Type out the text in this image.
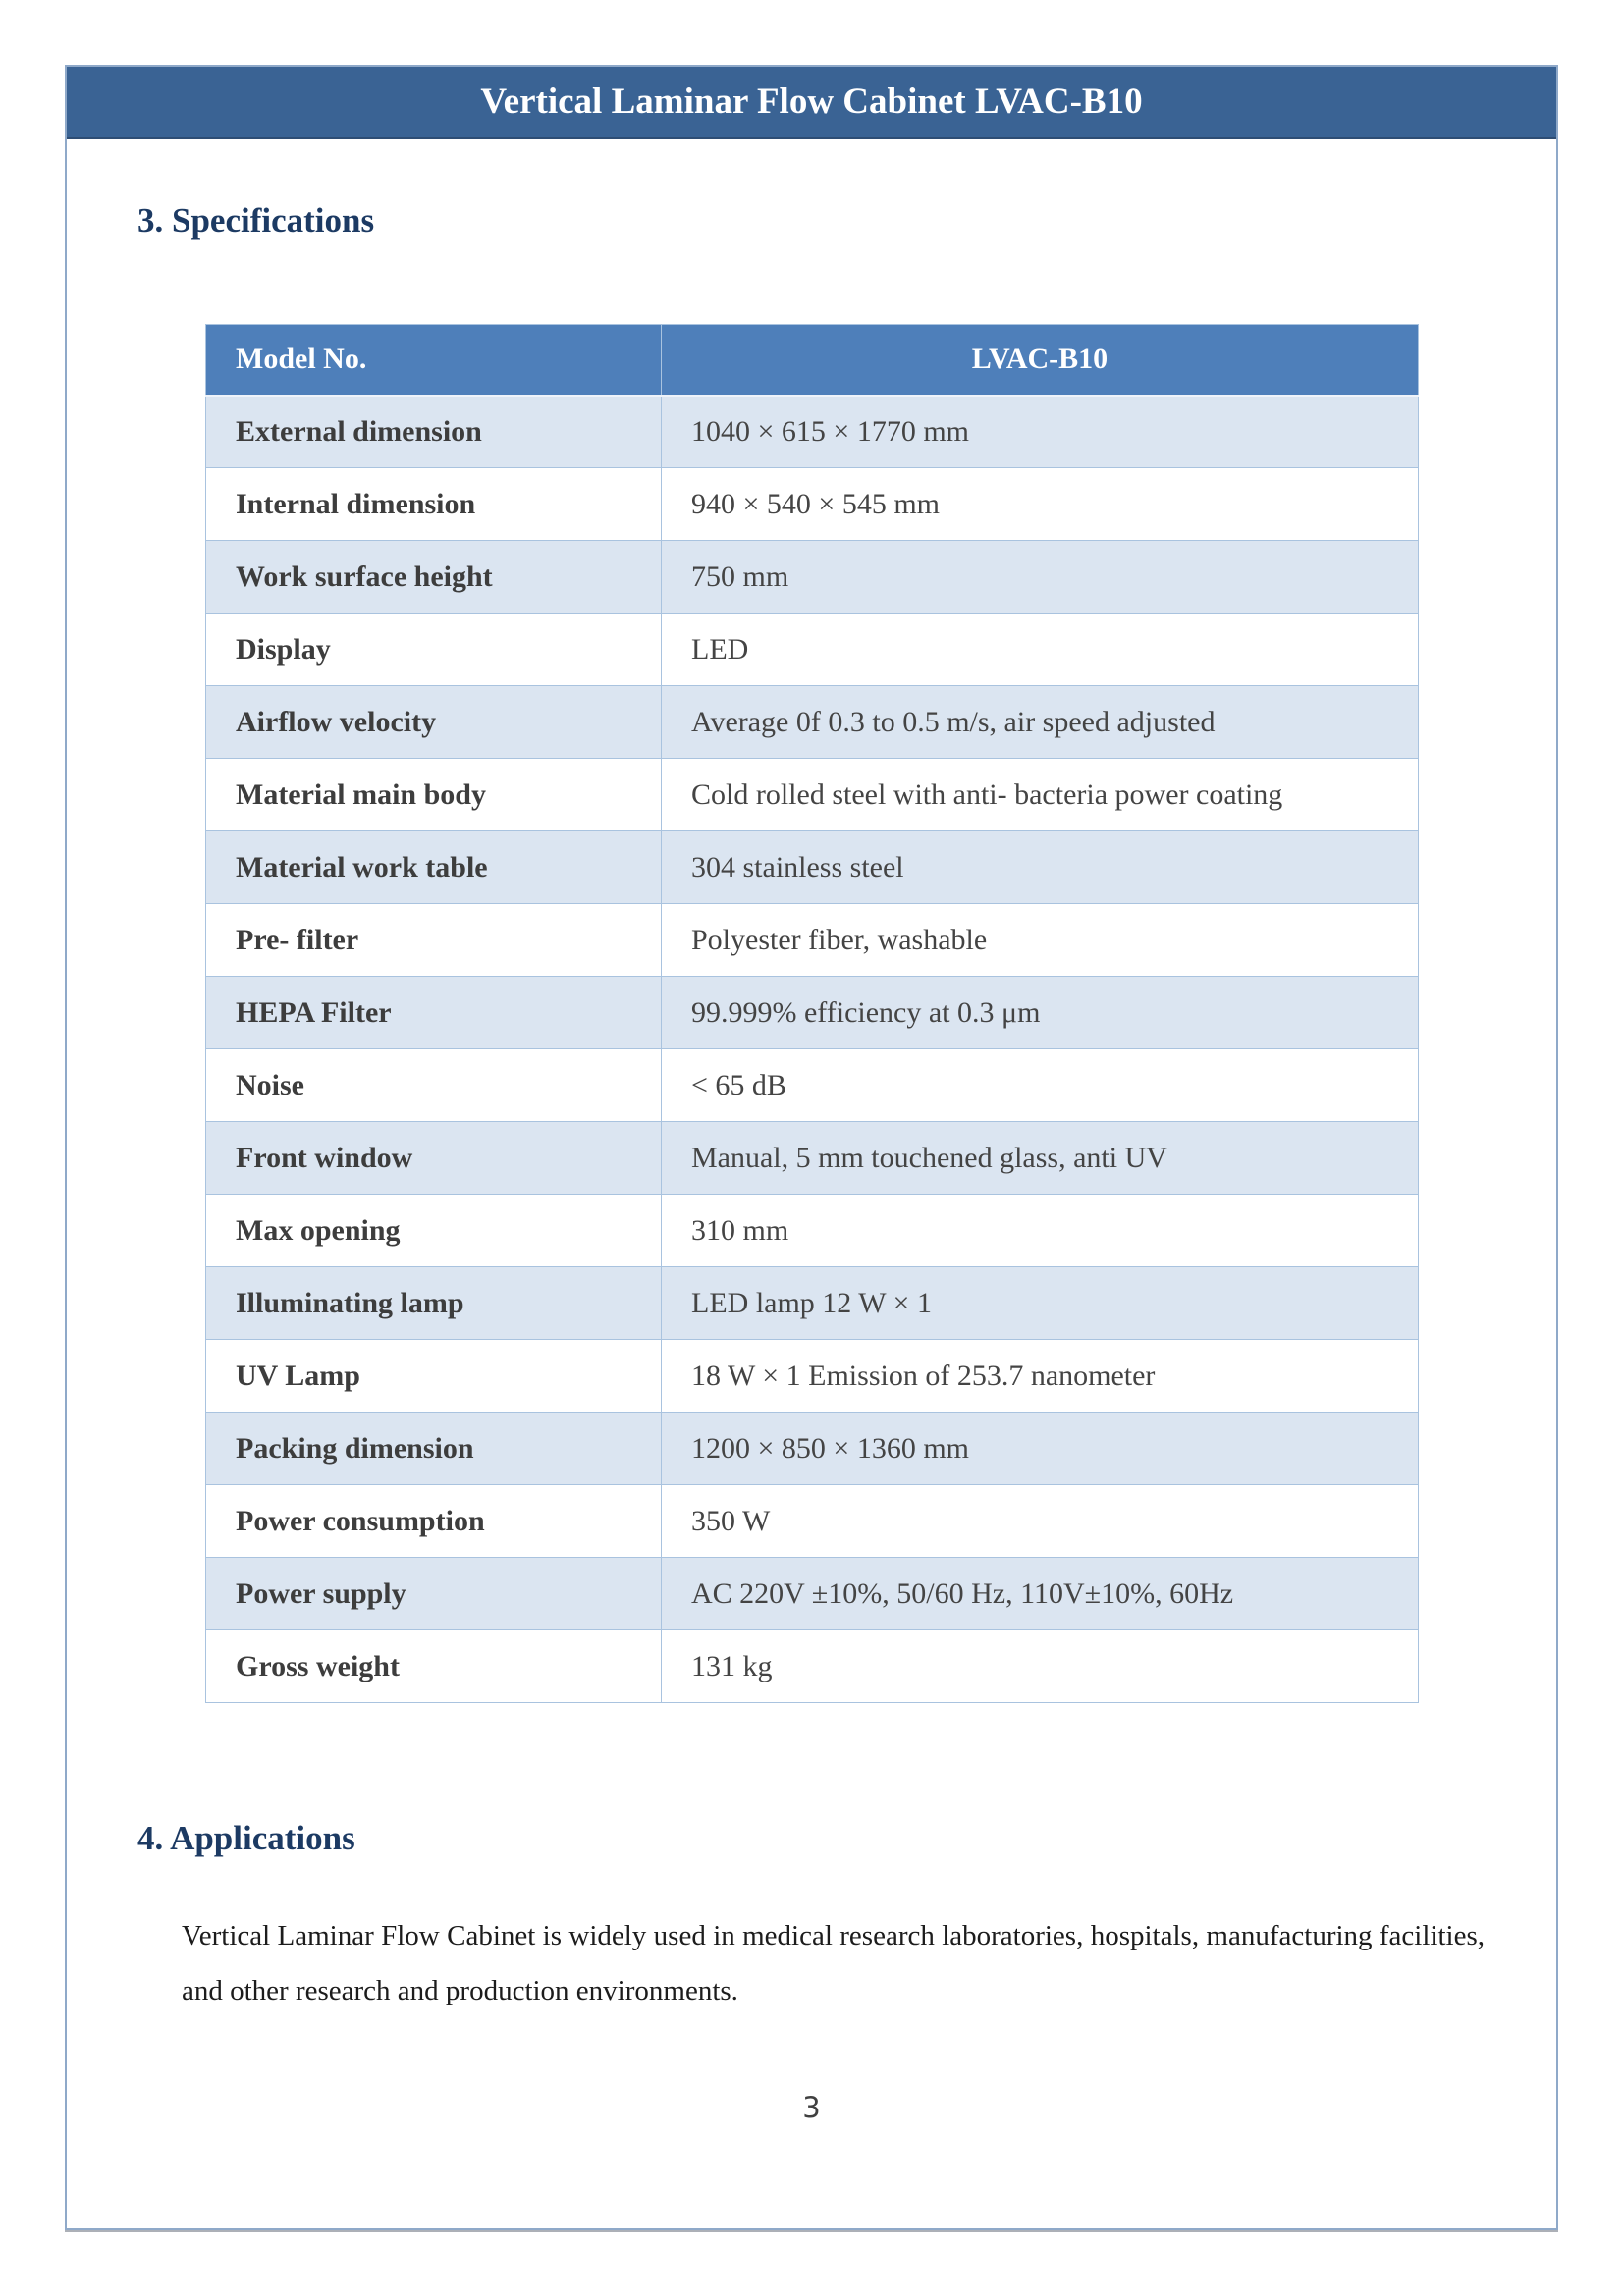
Vertical Laminar Flow Cabinet LVAC-B10
3. Specifications
Model No.	LVAC-B10
External dimension	1040 × 615 × 1770 mm
Internal dimension	940 × 540 × 545 mm
Work surface height	750 mm
Display	LED
Airflow velocity	Average 0f 0.3 to 0.5 m/s, air speed adjusted
Material main body	Cold rolled steel with anti- bacteria power coating
Material work table	304 stainless steel
Pre- filter	Polyester fiber, washable
HEPA Filter	99.999% efficiency at 0.3 μm
Noise	< 65 dB
Front window	Manual, 5 mm touchened glass, anti UV
Max opening	310 mm
Illuminating lamp	LED lamp 12 W × 1
UV Lamp	18 W × 1 Emission of 253.7 nanometer
Packing dimension	1200 × 850 × 1360 mm
Power consumption	350 W
Power supply	AC 220V ±10%, 50/60 Hz, 110V±10%, 60Hz
Gross weight	131 kg
4. Applications

Vertical Laminar Flow Cabinet is widely used in medical research laboratories, hospitals, manufacturing facilities, and other research and production environments.

3
